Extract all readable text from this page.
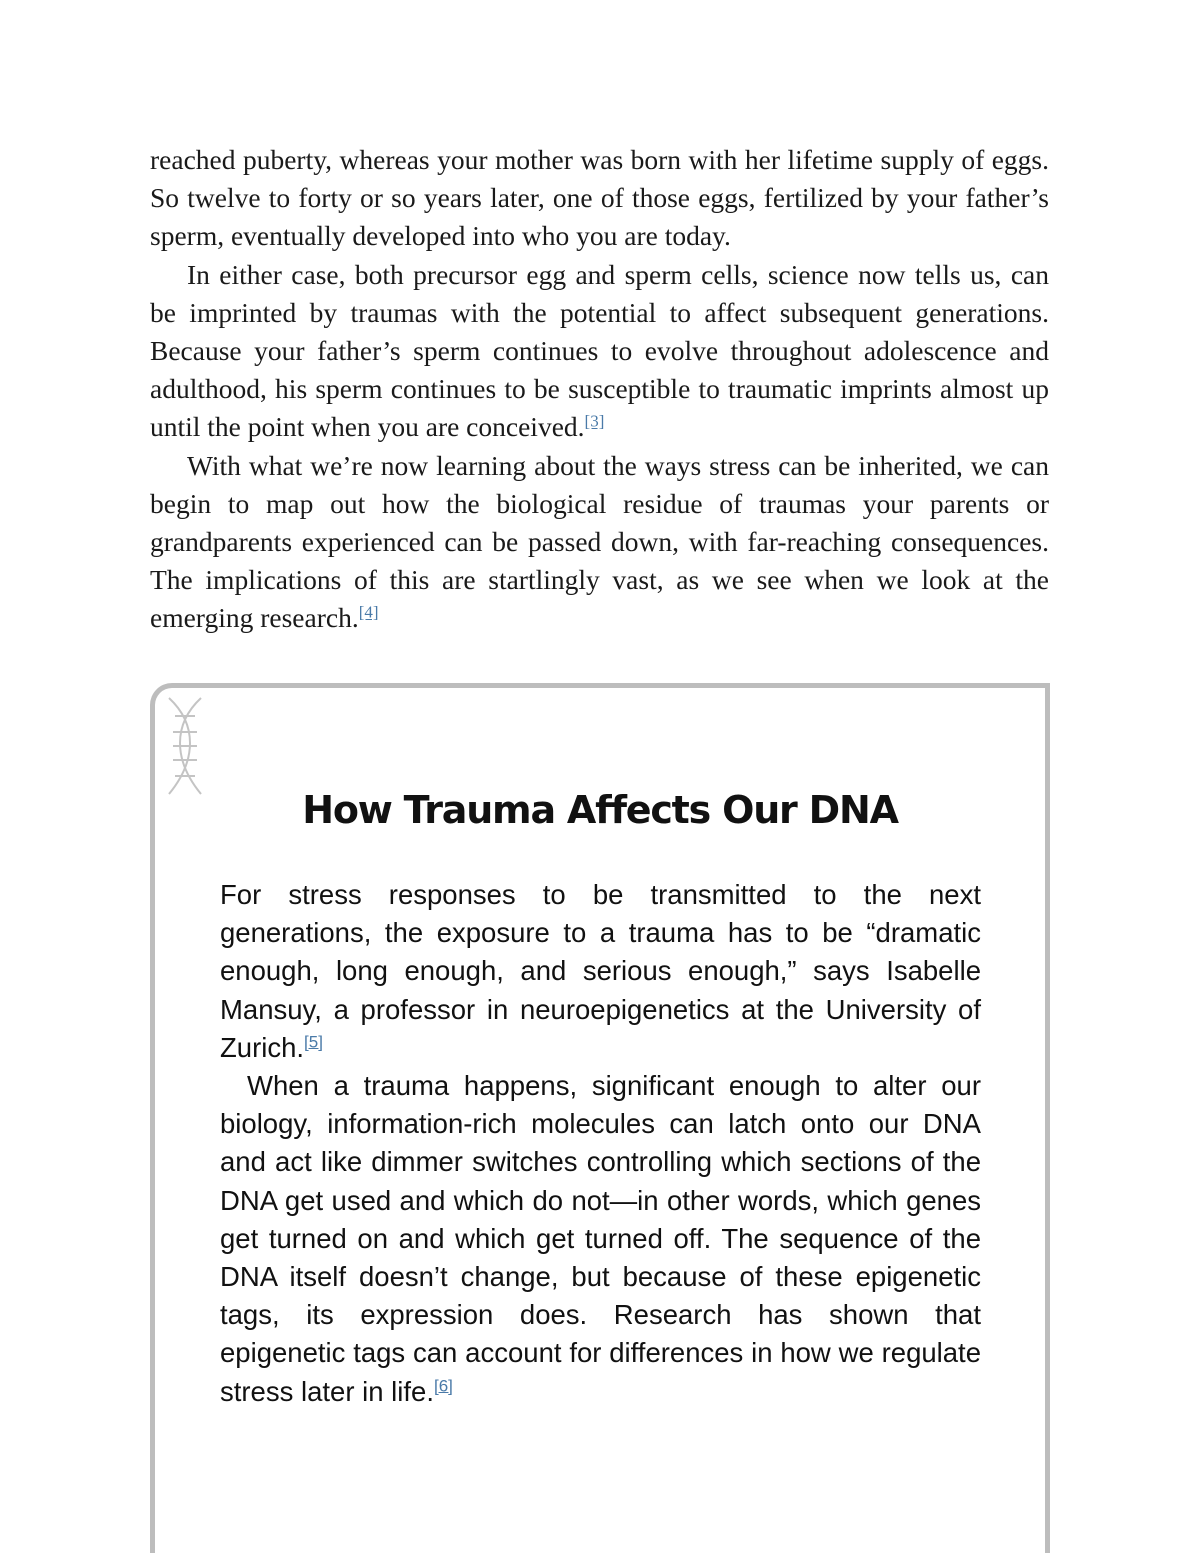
reached puberty, whereas your mother was born with her lifetime supply of eggs. So twelve to forty or so years later, one of those eggs, fertilized by your father’s sperm, eventually developed into who you are today.

In either case, both precursor egg and sperm cells, science now tells us, can be imprinted by traumas with the potential to affect subsequent generations. Because your father’s sperm continues to evolve throughout adolescence and adulthood, his sperm continues to be susceptible to traumatic imprints almost up until the point when you are conceived.[3]

With what we’re now learning about the ways stress can be inherited, we can begin to map out how the biological residue of traumas your parents or grandparents experienced can be passed down, with far-reaching consequences. The implications of this are startlingly vast, as we see when we look at the emerging research.[4]

How Trauma Affects Our DNA

For stress responses to be transmitted to the next generations, the exposure to a trauma has to be “dramatic enough, long enough, and serious enough,” says Isabelle Mansuy, a professor in neuroepigenetics at the University of Zurich.[5]

When a trauma happens, significant enough to alter our biology, information-rich molecules can latch onto our DNA and act like dimmer switches controlling which sections of the DNA get used and which do not—in other words, which genes get turned on and which get turned off. The sequence of the DNA itself doesn’t change, but because of these epigenetic tags, its expression does. Research has shown that epigenetic tags can account for differences in how we regulate stress later in life.[6]
